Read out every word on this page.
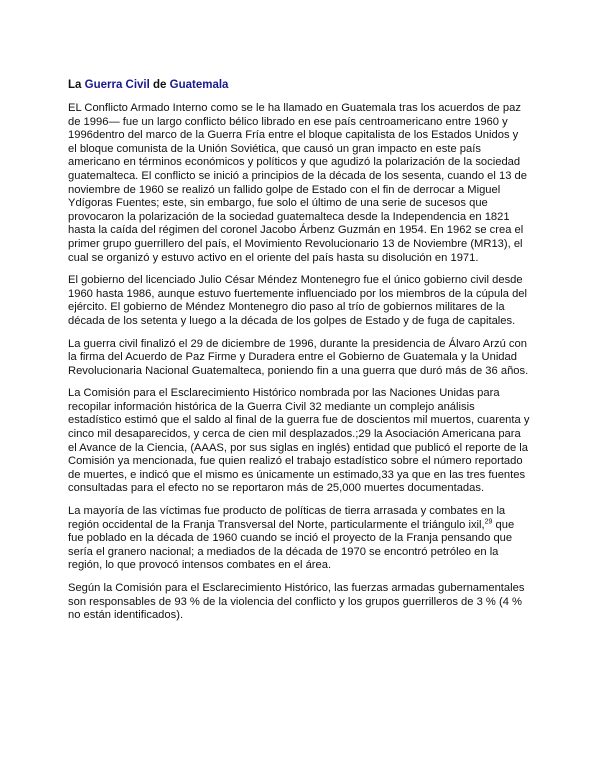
La Guerra Civil de Guatemala

EL Conflicto Armado Interno como se le ha llamado en Guatemala tras los acuerdos de paz de 1996— fue un largo conflicto bélico librado en ese país centroamericano entre 1960 y 1996dentro del marco de la Guerra Fría entre el bloque capitalista de los Estados Unidos y el bloque comunista de la Unión Soviética, que causó un gran impacto en este país americano en términos económicos y políticos y que agudizó la polarización de la sociedad guatemalteca. El conflicto se inició a principios de la década de los sesenta, cuando el 13 de noviembre de 1960 se realizó un fallido golpe de Estado con el fin de derrocar a Miguel Ydígoras Fuentes; este, sin embargo, fue solo el último de una serie de sucesos que provocaron la polarización de la sociedad guatemalteca desde la Independencia en 1821 hasta la caída del régimen del coronel Jacobo Árbenz Guzmán en 1954. En 1962 se crea el primer grupo guerrillero del país, el Movimiento Revolucionario 13 de Noviembre (MR13), el cual se organizó y estuvo activo en el oriente del país hasta su disolución en 1971.

El gobierno del licenciado Julio César Méndez Montenegro fue el único gobierno civil desde 1960 hasta 1986, aunque estuvo fuertemente influenciado por los miembros de la cúpula del ejército. El gobierno de Méndez Montenegro dio paso al trío de gobiernos militares de la década de los setenta y luego a la década de los golpes de Estado y de fuga de capitales.

La guerra civil finalizó el 29 de diciembre de 1996, durante la presidencia de Álvaro Arzú con la firma del Acuerdo de Paz Firme y Duradera entre el Gobierno de Guatemala y la Unidad Revolucionaria Nacional Guatemalteca, poniendo fin a una guerra que duró más de 36 años.

La Comisión para el Esclarecimiento Histórico nombrada por las Naciones Unidas para recopilar información histórica de la Guerra Civil 32 mediante un complejo análisis estadístico estimó que el saldo al final de la guerra fue de doscientos mil muertos, cuarenta y cinco mil desaparecidos, y cerca de cien mil desplazados.;29 la Asociación Americana para el Avance de la Ciencia, (AAAS, por sus siglas en inglés) entidad que publicó el reporte de la Comisión ya mencionada, fue quien realizó el trabajo estadístico sobre el número reportado de muertes, e indicó que el mismo es únicamente un estimado,33 ya que en las tres fuentes consultadas para el efecto no se reportaron más de 25,000 muertes documentadas.

La mayoría de las víctimas fue producto de políticas de tierra arrasada y combates en la región occidental de la Franja Transversal del Norte, particularmente el triángulo ixil,$^{29}$ que fue poblado en la década de 1960 cuando se inció el proyecto de la Franja pensando que sería el granero nacional; a mediados de la década de 1970 se encontró petróleo en la región, lo que provocó intensos combates en el área.

Según la Comisión para el Esclarecimiento Histórico, las fuerzas armadas gubernamentales son responsables de 93 % de la violencia del conflicto y los grupos guerrilleros de 3 % (4 % no están identificados).
